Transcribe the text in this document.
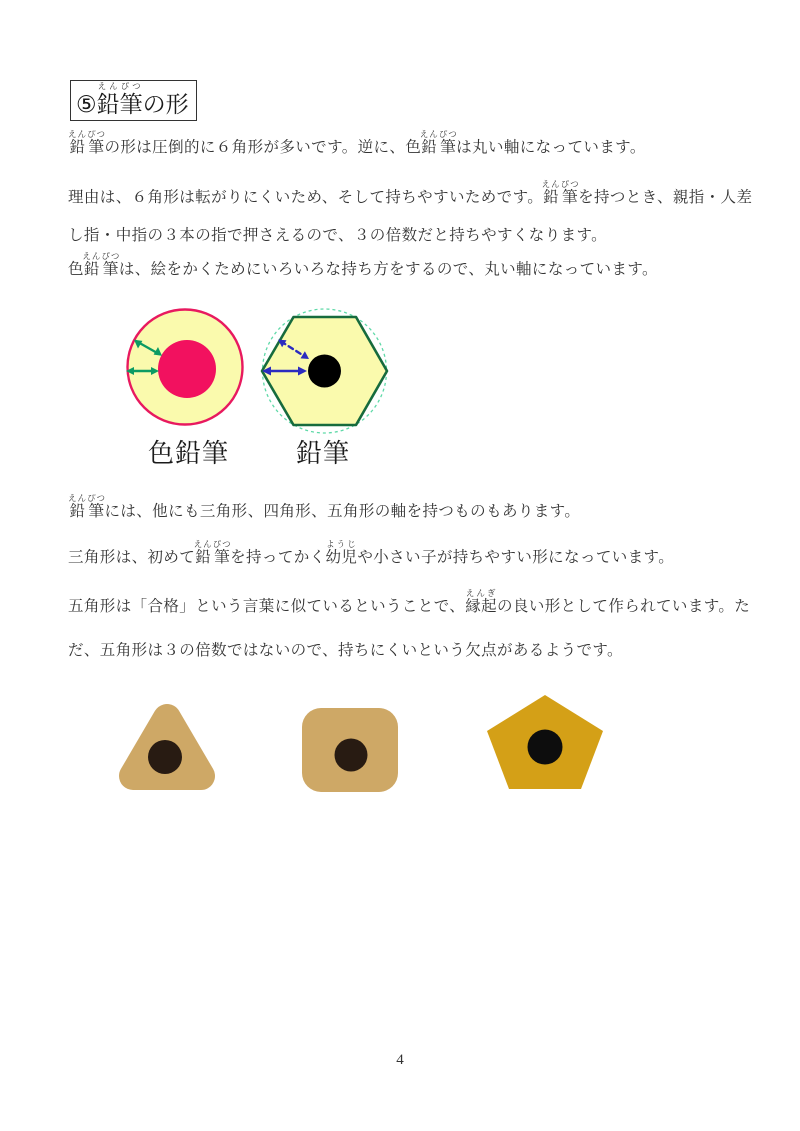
⑤鉛筆えんぴつの形
鉛筆えんぴつの形は圧倒的に６角形が多いです。逆に、色鉛筆えんぴつは丸い軸になっています。
理由は、６角形は転がりにくいため、そして持ちやすいためです。鉛筆えんぴつを持つとき、親指・人差
し指・中指の３本の指で押さえるので、３の倍数だと持ちやすくなります。
色鉛筆えんぴつは、絵をかくためにいろいろな持ち方をするので、丸い軸になっています。
鉛筆えんぴつには、他にも三角形、四角形、五角形の軸を持つものもあります。
三角形は、初めて鉛筆えんぴつを持ってかく幼児ようじや小さい子が持ちやすい形になっています。
五角形は「合格」という言葉に似ているということで、縁起えんぎの良い形として作られています。た
だ、五角形は３の倍数ではないので、持ちにくいという欠点があるようです。
色鉛筆	鉛筆
4
